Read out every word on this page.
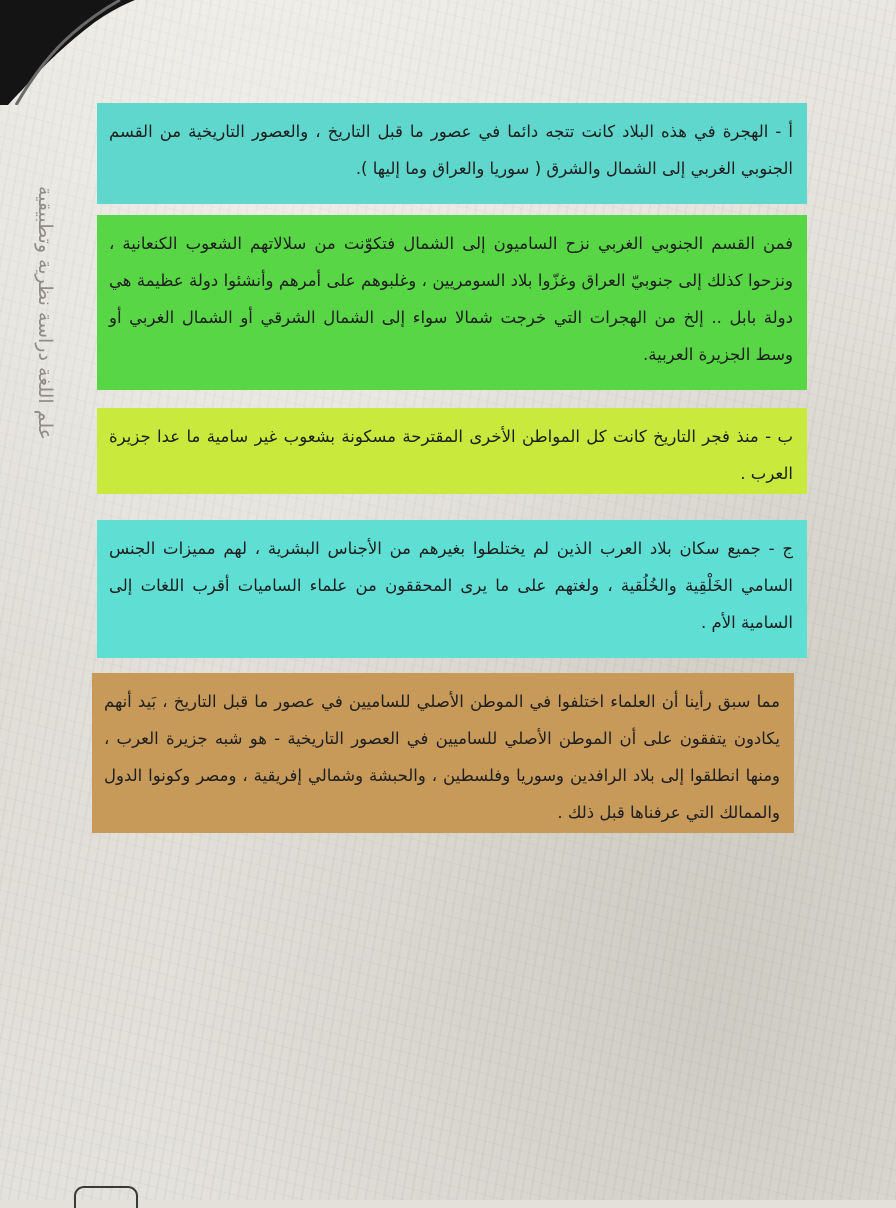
علم اللغة دراسة نظرية وتطبيقية
أ - الهجرة في هذه البلاد كانت تتجه دائما في عصور ما قبل التاريخ ، والعصور التاريخية من القسم الجنوبي الغربي إلى الشمال والشرق ( سوريا والعراق وما إليها ).
فمن القسم الجنوبي الغربي نزح الساميون إلى الشمال فتكوّنت من سلالاتهم الشعوب الكنعانية ، ونزحوا كذلك إلى جنوبيّ العراق وغزّوا بلاد السومريين ، وغلبوهم على أمرهم وأنشئوا دولة عظيمة هي دولة بابل .. إلخ من الهجرات التي خرجت شمالا سواء إلى الشمال الشرقي أو الشمال الغربي أو وسط الجزيرة العربية.
ب - منذ فجر التاريخ كانت كل المواطن الأخرى المقترحة مسكونة بشعوب غير سامية ما عدا جزيرة العرب .
ج - جميع سكان بلاد العرب الذين لم يختلطوا بغيرهم من الأجناس البشرية ، لهم مميزات الجنس السامي الخَلْقِية والخُلُقية ، ولغتهم على ما يرى المحققون من علماء الساميات أقرب اللغات إلى السامية الأم .
مما سبق رأينا أن العلماء اختلفوا في الموطن الأصلي للساميين في عصور ما قبل التاريخ ، بَيد أنهم يكادون يتفقون على أن الموطن الأصلي للساميين في العصور التاريخية - هو شبه جزيرة العرب ، ومنها انطلقوا إلى بلاد الرافدين وسوريا وفلسطين ، والحبشة وشمالي إفريقية ، ومصر وكونوا الدول والممالك التي عرفناها قبل ذلك .
